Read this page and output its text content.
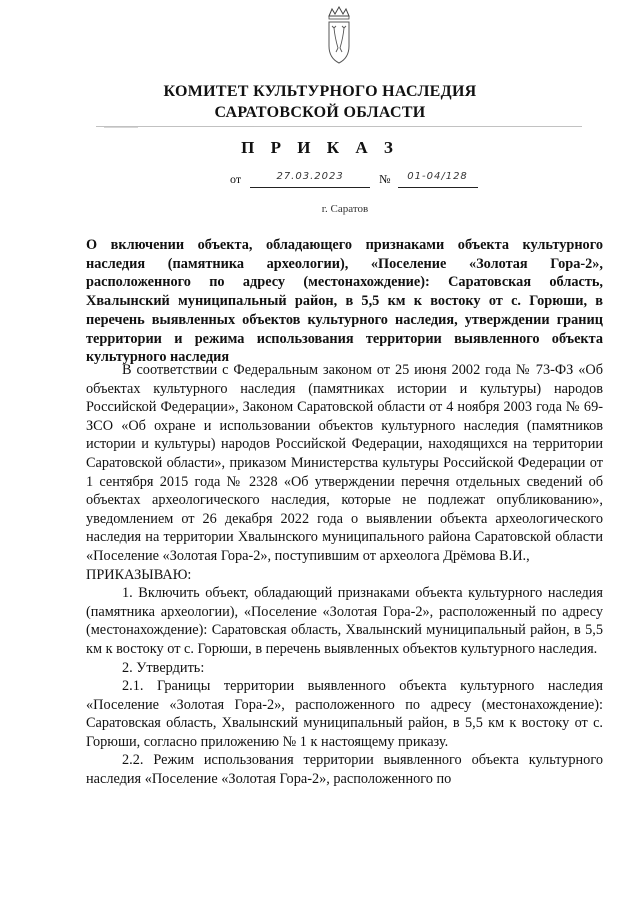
КОМИТЕТ КУЛЬТУРНОГО НАСЛЕДИЯ
САРАТОВСКОЙ ОБЛАСТИ
П Р И К А З
от	27.03.2023	№	01-04/128
г. Саратов
О включении объекта, обладающего признаками объекта культурного наследия (памятника археологии), «Поселение «Золотая Гора-2», расположенного по адресу (местонахождение): Саратовская область, Хвалынский муниципальный район, в 5,5 км к востоку от с. Горюши, в перечень выявленных объектов культурного наследия, утверждении границ территории и режима использования территории выявленного объекта культурного наследия

В соответствии с Федеральным законом от 25 июня 2002 года № 73-ФЗ «Об объектах культурного наследия (памятниках истории и культуры) народов Российской Федерации», Законом Саратовской области от 4 ноября 2003 года № 69-ЗСО «Об охране и использовании объектов культурного наследия (памятников истории и культуры) народов Российской Федерации, находящихся на территории Саратовской области», приказом Министерства культуры Российской Федерации от 1 сентября 2015 года № 2328 «Об утверждении перечня отдельных сведений об объектах археологического наследия, которые не подлежат опубликованию», уведомлением от 26 декабря 2022 года о выявлении объекта археологического наследия на территории Хвалынского муниципального района Саратовской области «Поселение «Золотая Гора-2», поступившим от археолога Дрёмова В.И.,

ПРИКАЗЫВАЮ:

1. Включить объект, обладающий признаками объекта культурного наследия (памятника археологии), «Поселение «Золотая Гора-2», расположенный по адресу (местонахождение): Саратовская область, Хвалынский муниципальный район, в 5,5 км к востоку от с. Горюши, в перечень выявленных объектов культурного наследия.

2. Утвердить:

2.1. Границы территории выявленного объекта культурного наследия «Поселение «Золотая Гора-2», расположенного по адресу (местонахождение): Саратовская область, Хвалынский муниципальный район, в 5,5 км к востоку от с. Горюши, согласно приложению № 1 к настоящему приказу.

2.2. Режим использования территории выявленного объекта культурного наследия «Поселение «Золотая Гора-2», расположенного по
